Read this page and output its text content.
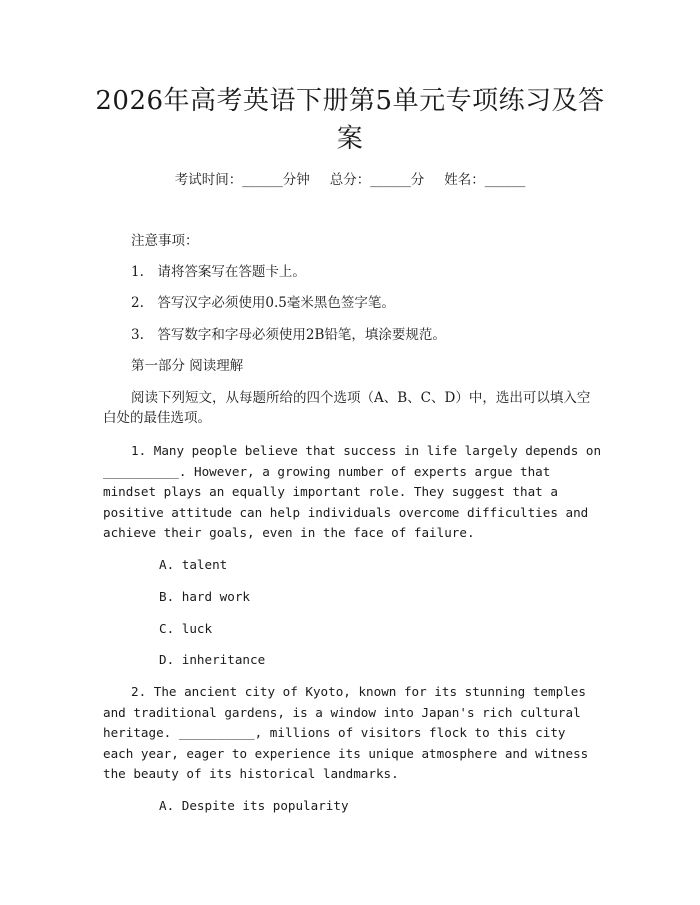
2026年高考英语下册第5单元专项练习及答案
考试时间：______分钟 总分：______分 姓名：______

注意事项：

1.　请将答案写在答题卡上。

2.　答写汉字必须使用0.5毫米黑色签字笔。

3.　答写数字和字母必须使用2B铅笔，填涂要规范。

第一部分 阅读理解

阅读下列短文，从每题所给的四个选项（A、B、C、D）中，选出可以填入空白处的最佳选项。

1. Many people believe that success in life largely depends on __________. However, a growing number of experts argue that mindset plays an equally important role. They suggest that a positive attitude can help individuals overcome difficulties and achieve their goals, even in the face of failure.

A. talent

B. hard work

C. luck

D. inheritance

2. The ancient city of Kyoto, known for its stunning temples and traditional gardens, is a window into Japan's rich cultural heritage. __________, millions of visitors flock to this city each year, eager to experience its unique atmosphere and witness the beauty of its historical landmarks.

A. Despite its popularity
